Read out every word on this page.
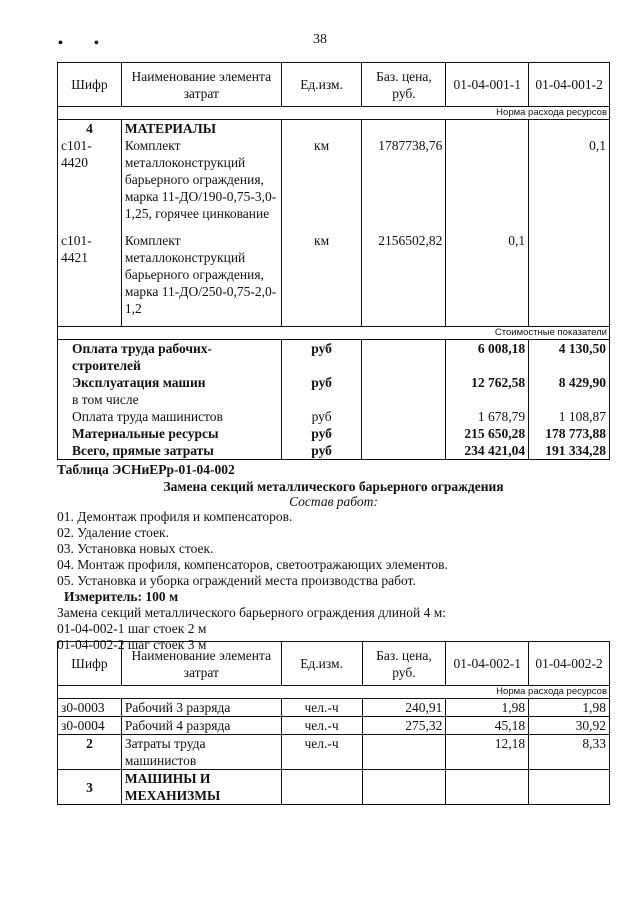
38
• •
Шифр	Наименование элемента затрат	Ед.изм.	Баз. цена, руб.	01-04-001-1	01-04-001-2
Норма расхода ресурсов					
4	МАТЕРИАЛЫ				
с101-4420	Комплект металлоконструкций барьерного ограждения, марка 11-ДО/190-0,75-3,0-1,25, горячее цинкование	км	1787738,76		0,1
с101-4421	Комплект металлоконструкций барьерного ограждения, марка 11-ДО/250-0,75-2,0-1,2	км	2156502,82	0,1	
Стоимостные показатели					
Оплата труда рабочих-строителей		руб		6 008,18	4 130,50
Эксплуатация машин		руб		12 762,58	8 429,90
в том числе					
Оплата труда машинистов		руб		1 678,79	1 108,87
Материальные ресурсы		руб		215 650,28	178 773,88
Всего, прямые затраты		руб		234 421,04	191 334,28
Таблица ЭСНиЕРр-01-04-002
Замена секций металлического барьерного ограждения
Состав работ:
01. Демонтаж профиля и компенсаторов.
02. Удаление стоек.
03. Установка новых стоек.
04. Монтаж профиля, компенсаторов, светоотражающих элементов.
05. Установка и уборка ограждений места производства работ.
Измеритель: 100 м
Замена секций металлического барьерного ограждения длиной 4 м:
01-04-002-1 шаг стоек 2 м
01-04-002-2 шаг стоек 3 м
Шифр	Наименование элемента затрат	Ед.изм.	Баз. цена, руб.	01-04-002-1	01-04-002-2
Норма расхода ресурсов					
з0-0003	Рабочий 3 разряда	чел.-ч	240,91	1,98	1,98
з0-0004	Рабочий 4 разряда	чел.-ч	275,32	45,18	30,92
2	Затраты труда машинистов	чел.-ч		12,18	8,33
3	МАШИНЫ И МЕХАНИЗМЫ				
